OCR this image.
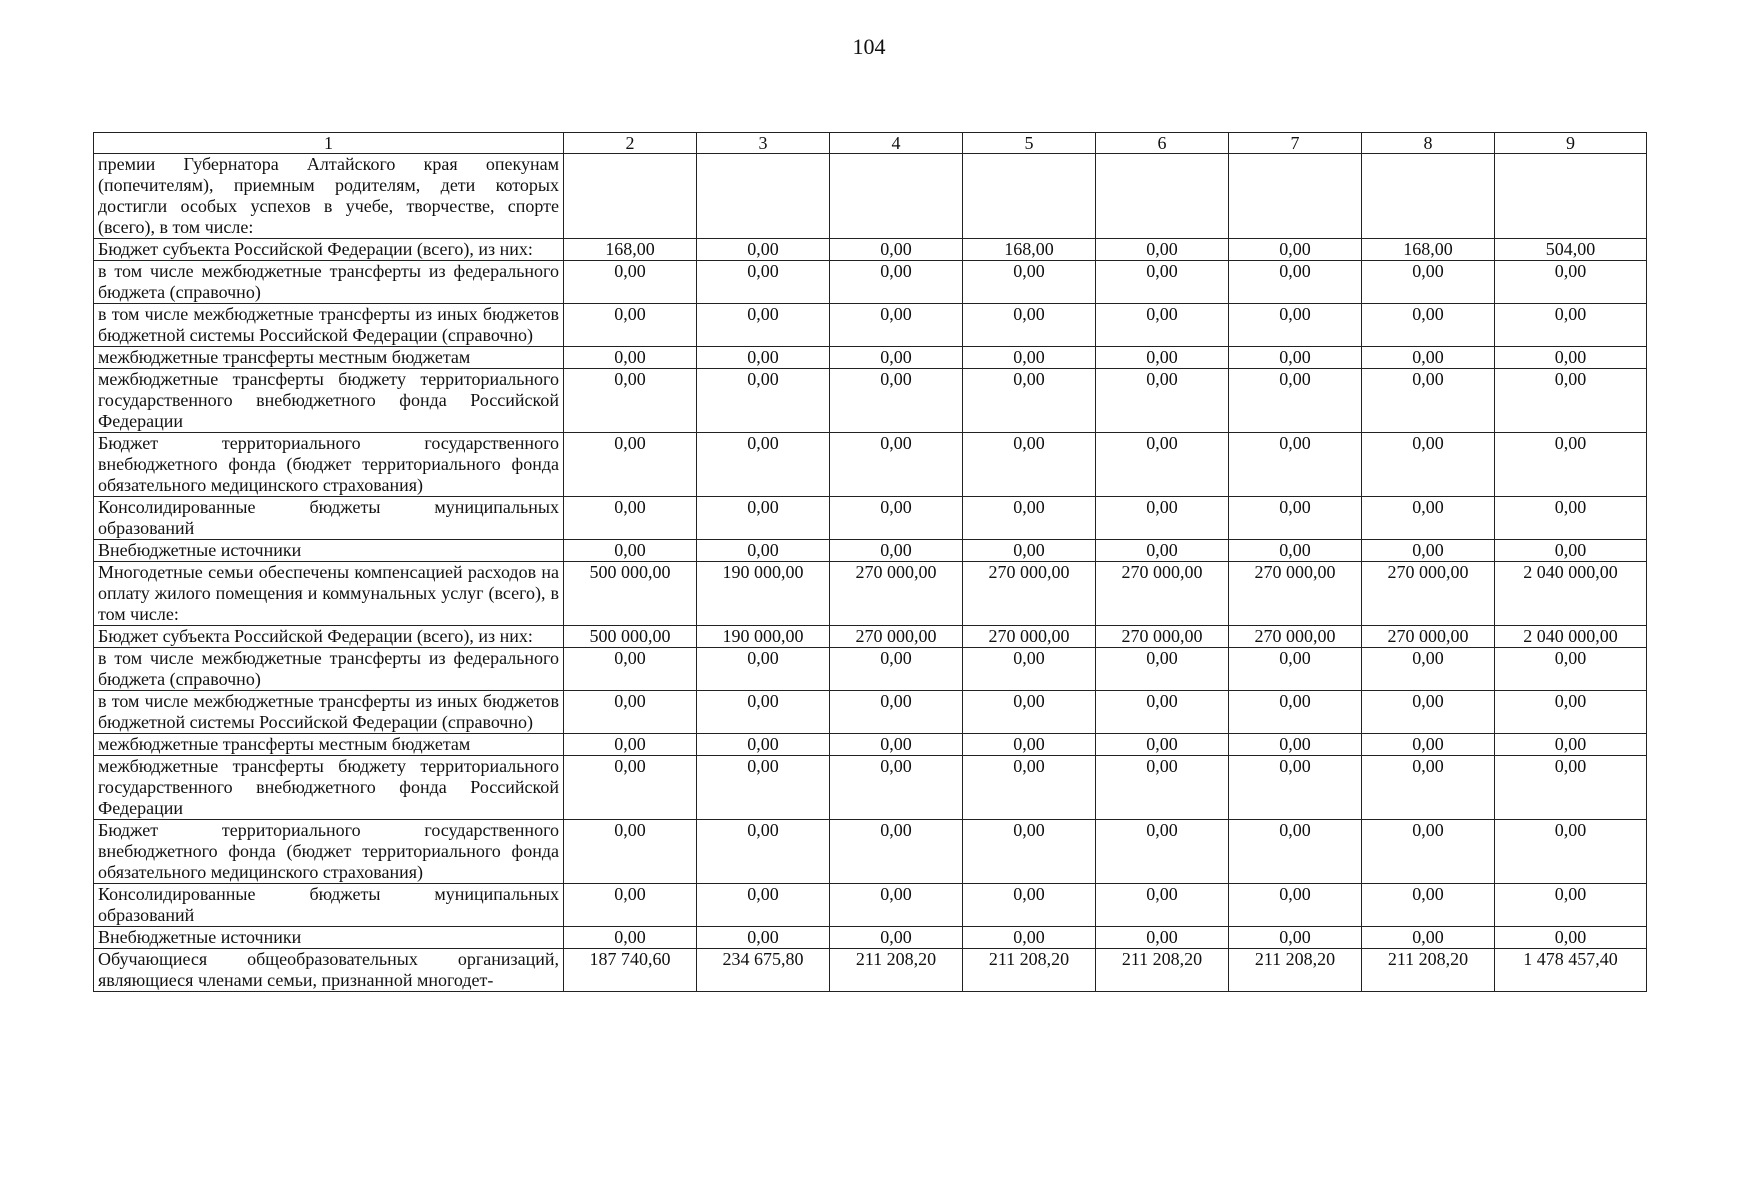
104
1	2	3	4	5	6	7	8	9
премии Губернатора Алтайского края опекунам (попечителям), приемным родителям, дети которых достигли особых успехов в учебе, творчестве, спорте (всего), в том числе:								
Бюджет субъекта Российской Федерации (всего), из них:	168,00	0,00	0,00	168,00	0,00	0,00	168,00	504,00
в том числе межбюджетные трансферты из федерального бюджета (справочно)	0,00	0,00	0,00	0,00	0,00	0,00	0,00	0,00
в том числе межбюджетные трансферты из иных бюджетов бюджетной системы Российской Федерации (справочно)	0,00	0,00	0,00	0,00	0,00	0,00	0,00	0,00
межбюджетные трансферты местным бюджетам	0,00	0,00	0,00	0,00	0,00	0,00	0,00	0,00
межбюджетные трансферты бюджету территориального государственного внебюджетного фонда Российской Федерации	0,00	0,00	0,00	0,00	0,00	0,00	0,00	0,00
Бюджет территориального государственного внебюджетного фонда (бюджет территориального фонда обязательного медицинского страхования)	0,00	0,00	0,00	0,00	0,00	0,00	0,00	0,00
Консолидированные бюджеты муниципальных образований	0,00	0,00	0,00	0,00	0,00	0,00	0,00	0,00
Внебюджетные источники	0,00	0,00	0,00	0,00	0,00	0,00	0,00	0,00
Многодетные семьи обеспечены компенсацией расходов на оплату жилого помещения и коммунальных услуг (всего), в том числе:	500 000,00	190 000,00	270 000,00	270 000,00	270 000,00	270 000,00	270 000,00	2 040 000,00
Бюджет субъекта Российской Федерации (всего), из них:	500 000,00	190 000,00	270 000,00	270 000,00	270 000,00	270 000,00	270 000,00	2 040 000,00
в том числе межбюджетные трансферты из федерального бюджета (справочно)	0,00	0,00	0,00	0,00	0,00	0,00	0,00	0,00
в том числе межбюджетные трансферты из иных бюджетов бюджетной системы Российской Федерации (справочно)	0,00	0,00	0,00	0,00	0,00	0,00	0,00	0,00
межбюджетные трансферты местным бюджетам	0,00	0,00	0,00	0,00	0,00	0,00	0,00	0,00
межбюджетные трансферты бюджету территориального государственного внебюджетного фонда Российской Федерации	0,00	0,00	0,00	0,00	0,00	0,00	0,00	0,00
Бюджет территориального государственного внебюджетного фонда (бюджет территориального фонда обязательного медицинского страхования)	0,00	0,00	0,00	0,00	0,00	0,00	0,00	0,00
Консолидированные бюджеты муниципальных образований	0,00	0,00	0,00	0,00	0,00	0,00	0,00	0,00
Внебюджетные источники	0,00	0,00	0,00	0,00	0,00	0,00	0,00	0,00
Обучающиеся общеобразовательных организаций, являющиеся членами семьи, признанной многодет-	187 740,60	234 675,80	211 208,20	211 208,20	211 208,20	211 208,20	211 208,20	1 478 457,40
